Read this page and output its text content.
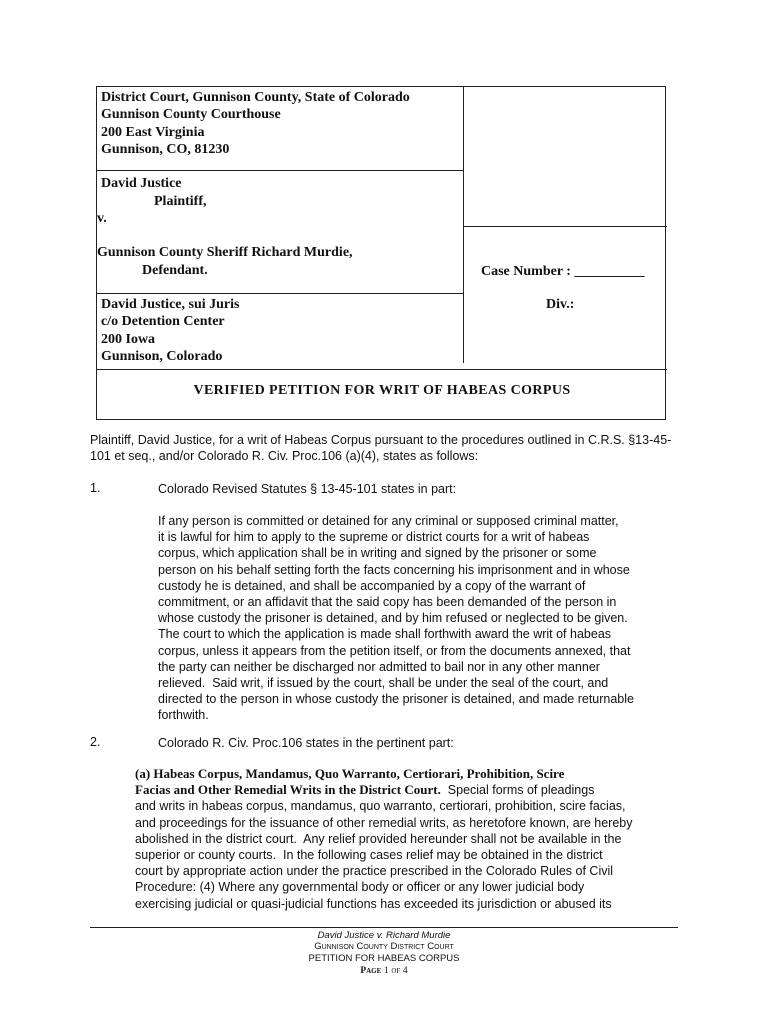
District Court, Gunnison County, State of Colorado
Gunnison County Courthouse
200 East Virginia
Gunnison, CO, 81230
David Justice
Plaintiff,
v.
Gunnison County Sheriff Richard Murdie,
Defendant.
David Justice, sui Juris
c/o Detention Center
200 Iowa
Gunnison, Colorado
Case Number : __________
Div.:
VERIFIED PETITION FOR WRIT OF HABEAS CORPUS
Plaintiff, David Justice, for a writ of Habeas Corpus pursuant to the procedures outlined in C.R.S. §13-45-
101 et seq., and/or Colorado R. Civ. Proc.106 (a)(4), states as follows:
1.	Colorado Revised Statutes § 13-45-101 states in part:
If any person is committed or detained for any criminal or supposed criminal matter,
it is lawful for him to apply to the supreme or district courts for a writ of habeas
corpus, which application shall be in writing and signed by the prisoner or some
person on his behalf setting forth the facts concerning his imprisonment and in whose
custody he is detained, and shall be accompanied by a copy of the warrant of
commitment, or an affidavit that the said copy has been demanded of the person in
whose custody the prisoner is detained, and by him refused or neglected to be given.
The court to which the application is made shall forthwith award the writ of habeas
corpus, unless it appears from the petition itself, or from the documents annexed, that
the party can neither be discharged nor admitted to bail nor in any other manner
relieved.  Said writ, if issued by the court, shall be under the seal of the court, and
directed to the person in whose custody the prisoner is detained, and made returnable
forthwith.
2.	Colorado R. Civ. Proc.106 states in the pertinent part:
(a) Habeas Corpus, Mandamus, Quo Warranto, Certiorari, Prohibition, Scire
Facias and Other Remedial Writs in the District Court.  Special forms of pleadings
and writs in habeas corpus, mandamus, quo warranto, certiorari, prohibition, scire facias,
and proceedings for the issuance of other remedial writs, as heretofore known, are hereby
abolished in the district court.  Any relief provided hereunder shall not be available in the
superior or county courts.  In the following cases relief may be obtained in the district
court by appropriate action under the practice prescribed in the Colorado Rules of Civil
Procedure: (4) Where any governmental body or officer or any lower judicial body
exercising judicial or quasi-judicial functions has exceeded its jurisdiction or abused its
David Justice v. Richard Murdie
Gunnison County District Court
PETITION FOR HABEAS CORPUS
Page 1 of 4
